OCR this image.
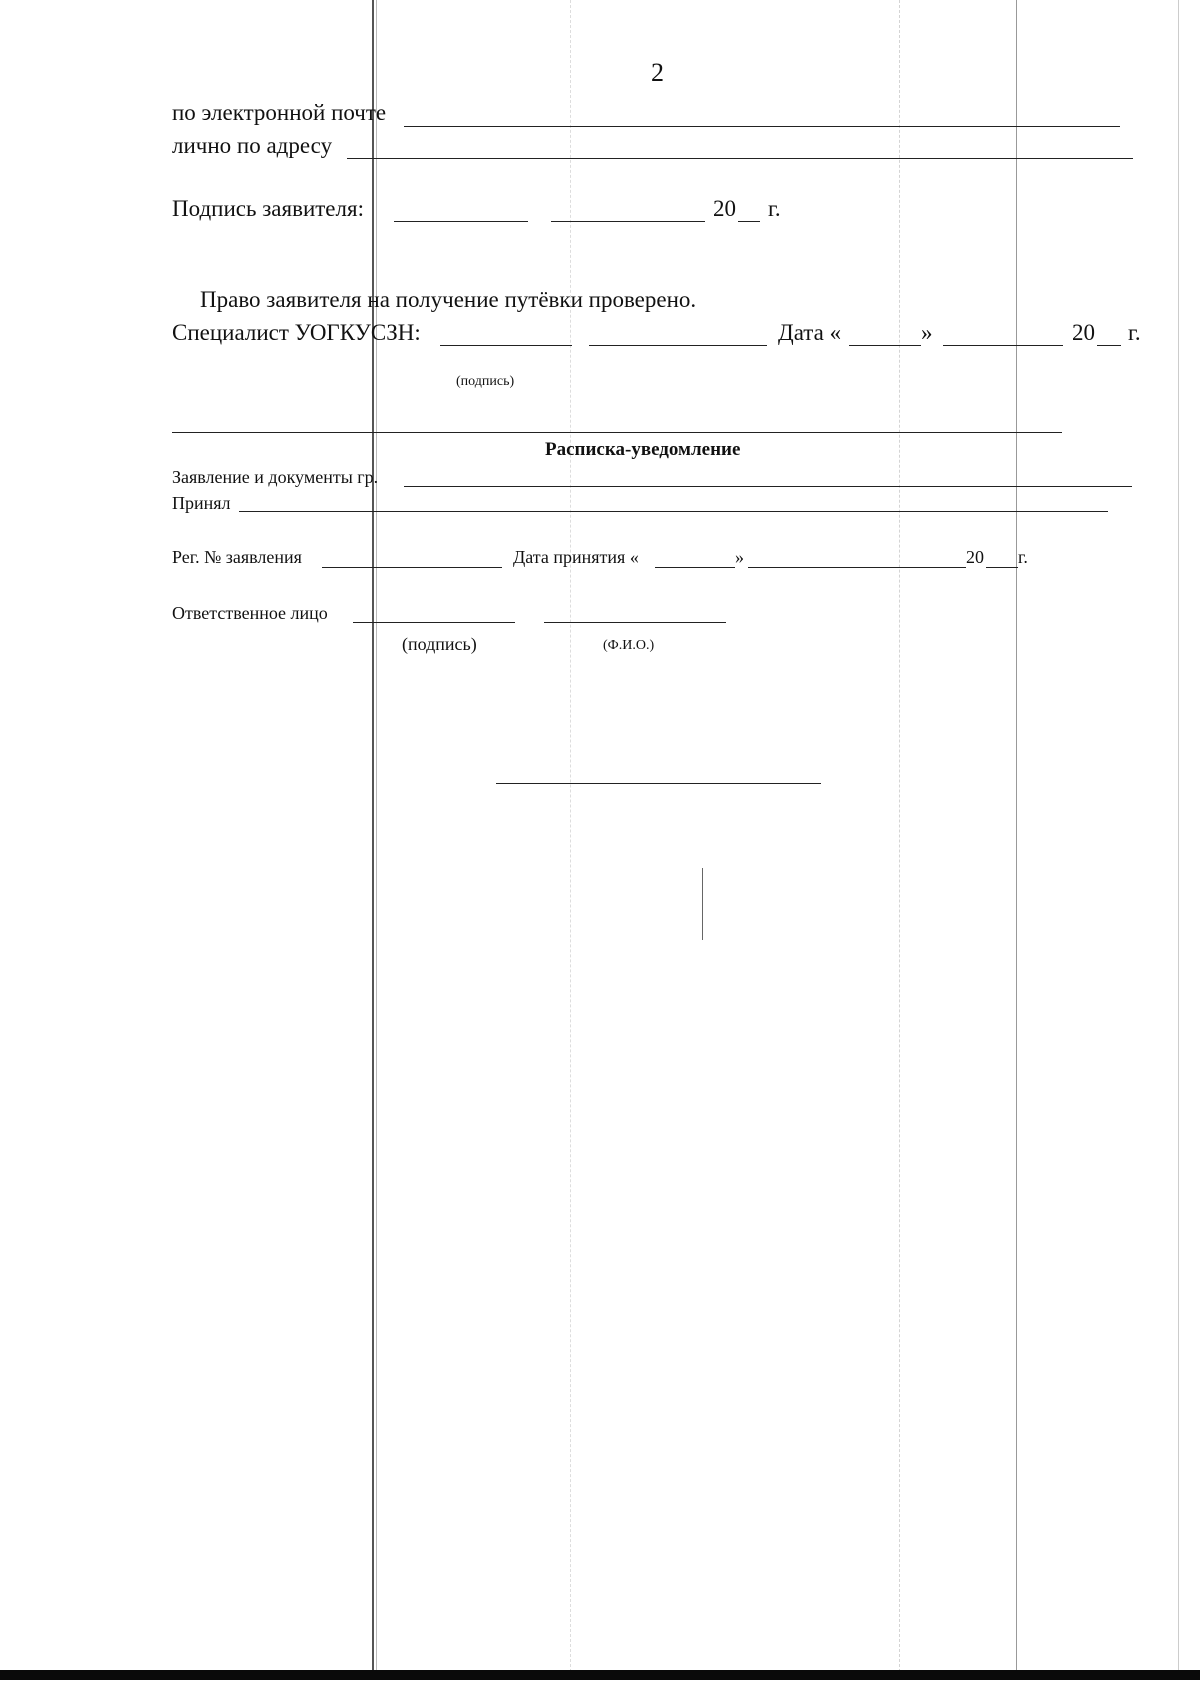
2
по электронной почте
лично по адресу
Подпись заявителя:	20 г.
Право заявителя на получение путёвки проверено.
Специалист УОГКУСЗН:	Дата «	»	20 г.
(подпись)
Расписка-уведомление
Заявление и документы гр.
Принял
Рег. № заявления	Дата принятия «	»	20 г.
Ответственное лицо
(подпись)	(Ф.И.О.)
